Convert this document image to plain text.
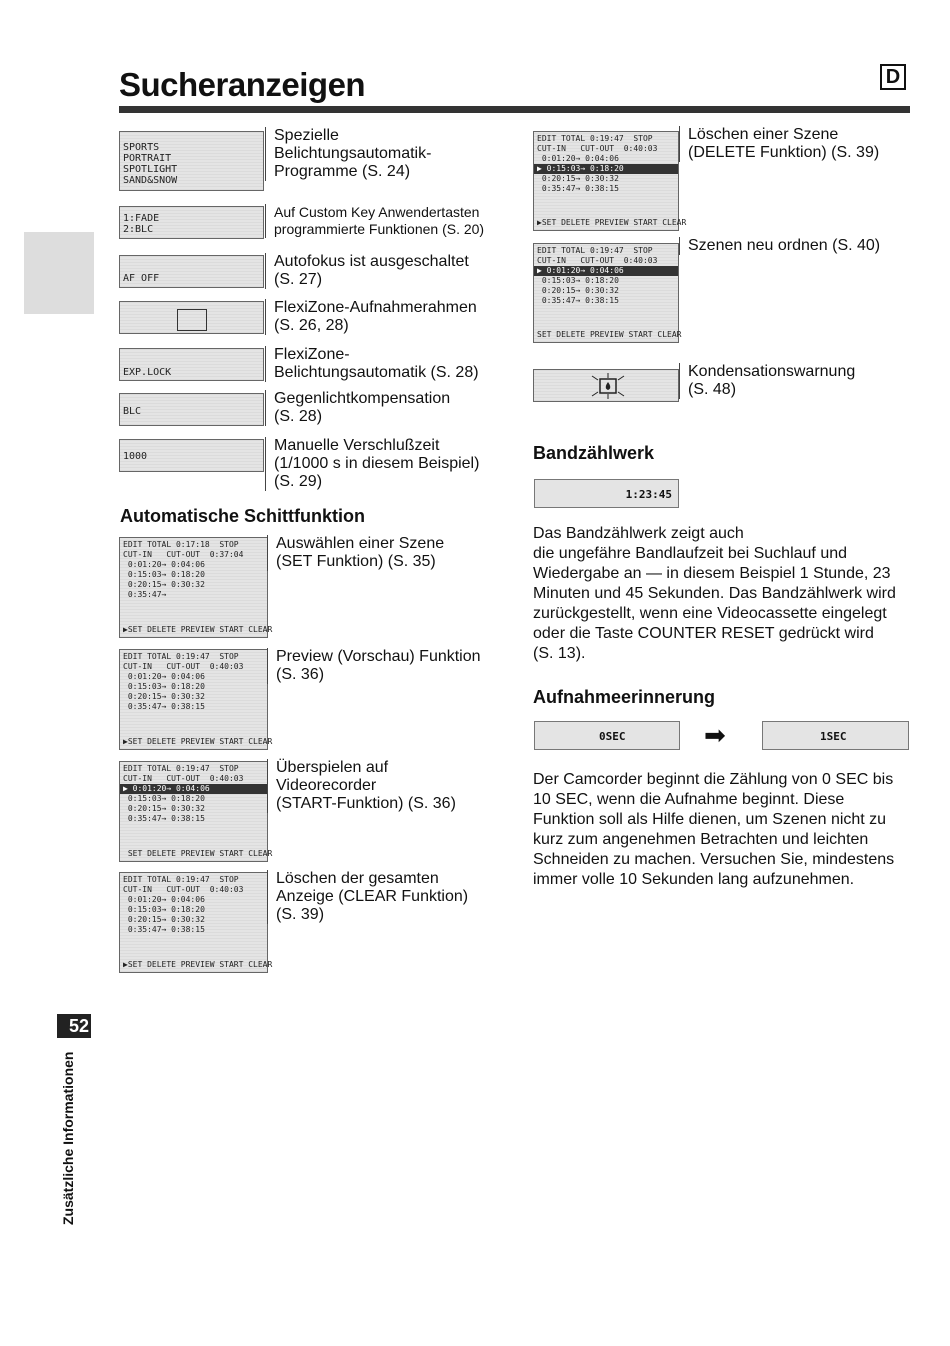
Sucheranzeigen	D
SPORTS
PORTRAIT
SPOTLIGHT
SAND&SNOW
Spezielle
Belichtungsautomatik-
Programme (S. 24)
1:FADE
2:BLC
Auf Custom Key Anwendertasten
programmierte Funktionen (S. 20)
AF OFF
Autofokus ist ausgeschaltet
(S. 27)
FlexiZone-Aufnahmerahmen
(S. 26, 28)
EXP.LOCK
FlexiZone-
Belichtungsautomatik (S. 28)
BLC
Gegenlichtkompensation
(S. 28)
1000
Manuelle Verschlußzeit
(1/1000 s in diesem Beispiel)
(S. 29)
Automatische Schittfunktion
EDIT TOTAL 0:17:18  STOP
CUT-IN   CUT-OUT  0:37:04
0:01:20→ 0:04:06
0:15:03→ 0:18:20
0:20:15→ 0:30:32
0:35:47→
▶SET DELETE PREVIEW START CLEAR
Auswählen einer Szene
(SET Funktion) (S. 35)
EDIT TOTAL 0:19:47  STOP
CUT-IN   CUT-OUT  0:40:03
0:01:20→ 0:04:06
0:15:03→ 0:18:20
0:20:15→ 0:30:32
0:35:47→ 0:38:15
▶SET DELETE PREVIEW START CLEAR
Preview (Vorschau) Funktion
(S. 36)
EDIT TOTAL 0:19:47  STOP
CUT-IN   CUT-OUT  0:40:03
▶ 0:01:20→ 0:04:06
0:15:03→ 0:18:20
0:20:15→ 0:30:32
0:35:47→ 0:38:15
SET DELETE PREVIEW START CLEAR
Überspielen auf
Videorecorder
(START-Funktion) (S. 36)
EDIT TOTAL 0:19:47  STOP
CUT-IN   CUT-OUT  0:40:03
0:01:20→ 0:04:06
0:15:03→ 0:18:20
0:20:15→ 0:30:32
0:35:47→ 0:38:15
▶SET DELETE PREVIEW START CLEAR
Löschen der gesamten
Anzeige (CLEAR Funktion)
(S. 39)
EDIT TOTAL 0:19:47  STOP
CUT-IN   CUT-OUT  0:40:03
0:01:20→ 0:04:06
▶ 0:15:03→ 0:18:20
0:20:15→ 0:30:32
0:35:47→ 0:38:15
▶SET DELETE PREVIEW START CLEAR
Löschen einer Szene
(DELETE Funktion) (S. 39)
EDIT TOTAL 0:19:47  STOP
CUT-IN   CUT-OUT  0:40:03
▶ 0:01:20→ 0:04:06
0:15:03→ 0:18:20
0:20:15→ 0:30:32
0:35:47→ 0:38:15
SET DELETE PREVIEW START CLEAR
Szenen neu ordnen (S. 40)
Kondensationswarnung
(S. 48)
Bandzählwerk
1:23:45
Das Bandzählwerk zeigt auch
die ungefähre Bandlaufzeit bei Suchlauf und
Wiedergabe an — in diesem Beispiel 1 Stunde, 23
Minuten und 45 Sekunden. Das Bandzählwerk wird
zurückgestellt, wenn eine Videocassette eingelegt
oder die Taste COUNTER RESET gedrückt wird
(S. 13).
Aufnahmeerinnerung
0SEC	➡	1SEC
Der Camcorder beginnt die Zählung von 0 SEC bis
10 SEC, wenn die Aufnahme beginnt. Diese
Funktion soll als Hilfe dienen, um Szenen nicht zu
kurz zum angenehmen Betrachten und leichten
Schneiden zu machen. Versuchen Sie, mindestens
immer volle 10 Sekunden lang aufzunehmen.
52
Zusätzliche Informationen
